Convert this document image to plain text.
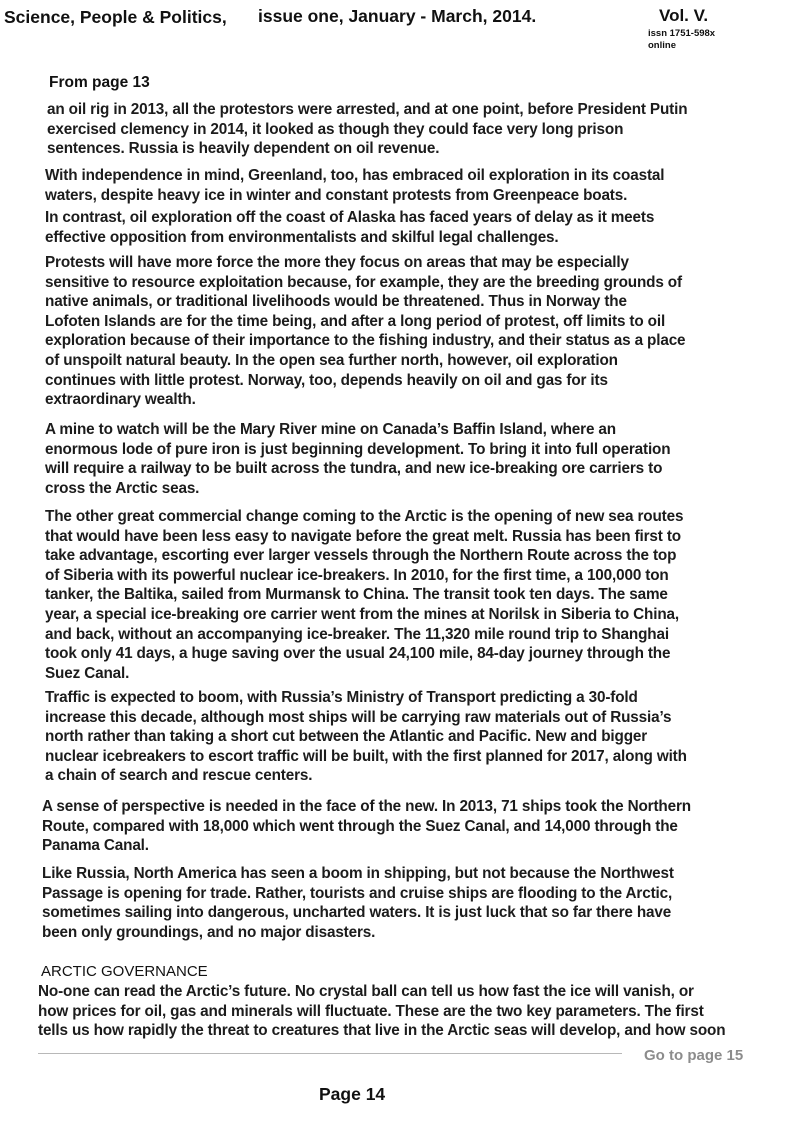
Science, People & Politics, issue one, January - March, 2014.	Vol. V.
issn 1751-598x
online
From page 13
an oil rig in 2013, all the protestors were arrested, and at one point, before President Putin
exercised clemency in 2014, it looked as though they could face very long prison
sentences. Russia is heavily dependent on oil revenue.
With independence in mind, Greenland, too, has embraced oil exploration in its coastal
waters, despite heavy ice in winter and constant protests from Greenpeace boats.
In contrast, oil exploration off the coast of Alaska has faced years of delay as it meets
effective opposition from environmentalists and skilful legal challenges.
Protests will have more force the more they focus on areas that may be especially
sensitive to resource exploitation because, for example, they are the breeding grounds of
native animals, or traditional livelihoods would be threatened. Thus in Norway the
Lofoten Islands are for the time being, and after a long period of protest, off limits to oil
exploration because of their importance to the fishing industry, and their status as a place
of unspoilt natural beauty. In the open sea further north, however, oil exploration
continues with little protest. Norway, too, depends heavily on oil and gas for its
extraordinary wealth.
A mine to watch will be the Mary River mine on Canada’s Baffin Island, where an
enormous lode of pure iron is just beginning development. To bring it into full operation
will require a railway to be built across the tundra, and new ice-breaking ore carriers to
cross the Arctic seas.
The other great commercial change coming to the Arctic is the opening of new sea routes
that would have been less easy to navigate before the great melt. Russia has been first to
take advantage, escorting ever larger vessels through the Northern Route across the top
of Siberia with its powerful nuclear ice-breakers. In 2010, for the first time, a 100,000 ton
tanker, the Baltika, sailed from Murmansk to China. The transit took ten days. The same
year, a special ice-breaking ore carrier went from the mines at Norilsk in Siberia to China,
and back, without an accompanying ice-breaker. The 11,320 mile round trip to Shanghai
took only 41 days, a huge saving over the usual 24,100 mile, 84-day journey through the
Suez Canal.
Traffic is expected to boom, with Russia’s Ministry of Transport predicting a 30-fold
increase this decade, although most ships will be carrying raw materials out of Russia’s
north rather than taking a short cut between the Atlantic and Pacific. New and bigger
nuclear icebreakers to escort traffic will be built, with the first planned for 2017, along with
a chain of search and rescue centers.
A sense of perspective is needed in the face of the new. In 2013, 71 ships took the Northern
Route, compared with 18,000 which went through the Suez Canal, and 14,000 through the
Panama Canal.
Like Russia, North America has seen a boom in shipping, but not because the Northwest
Passage is opening for trade. Rather, tourists and cruise ships are flooding to the Arctic,
sometimes sailing into dangerous, uncharted waters. It is just luck that so far there have
been only groundings, and no major disasters.
ARCTIC GOVERNANCE
No-one can read the Arctic’s future. No crystal ball can tell us how fast the ice will vanish, or
how prices for oil, gas and minerals will fluctuate. These are the two key parameters. The first
tells us how rapidly the threat to creatures that live in the Arctic seas will develop, and how soon
Go to page 15
Page 14
